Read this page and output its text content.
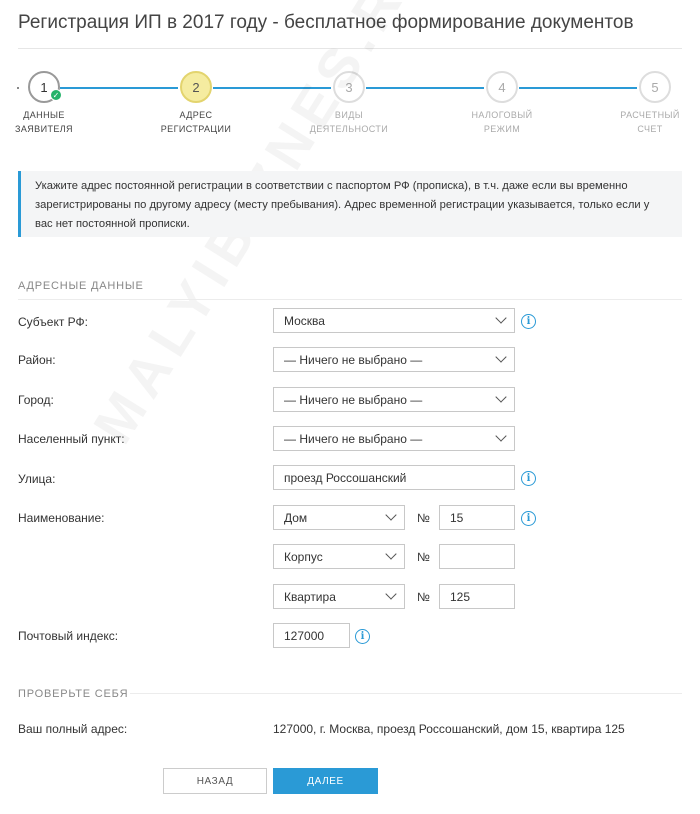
Регистрация ИП в 2017 году - бесплатное формирование документов
1
✓
2	3	4	5
ДАННЫЕ
ЗАЯВИТЕЛЯ
АДРЕС
РЕГИСТРАЦИИ
ВИДЫ
ДЕЯТЕЛЬНОСТИ
НАЛОГОВЫЙ
РЕЖИМ
РАСЧЕТНЫЙ
СЧЕТ
Укажите адрес постоянной регистрации в соответствии с паспортом РФ (прописка), в т.ч. даже если вы временно зарегистрированы по другому адресу (месту пребывания). Адрес временной регистрации указывается, только если у вас нет постоянной прописки.
АДРЕСНЫЕ ДАННЫЕ
Субъект РФ:	Москва	i
Район:	— Ничего не выбрано —
Город:	— Ничего не выбрано —
Населенный пункт:	— Ничего не выбрано —
Улица:	проезд Россошанский	i
Наименование:	Дом	№ 15	i
Корпус	№
Квартира	№ 125
Почтовый индекс:	127000	i
ПРОВЕРЬТЕ СЕБЯ
Ваш полный адрес:	127000, г. Москва, проезд Россошанский, дом 15, квартира 125
НАЗАД	ДАЛЕЕ
